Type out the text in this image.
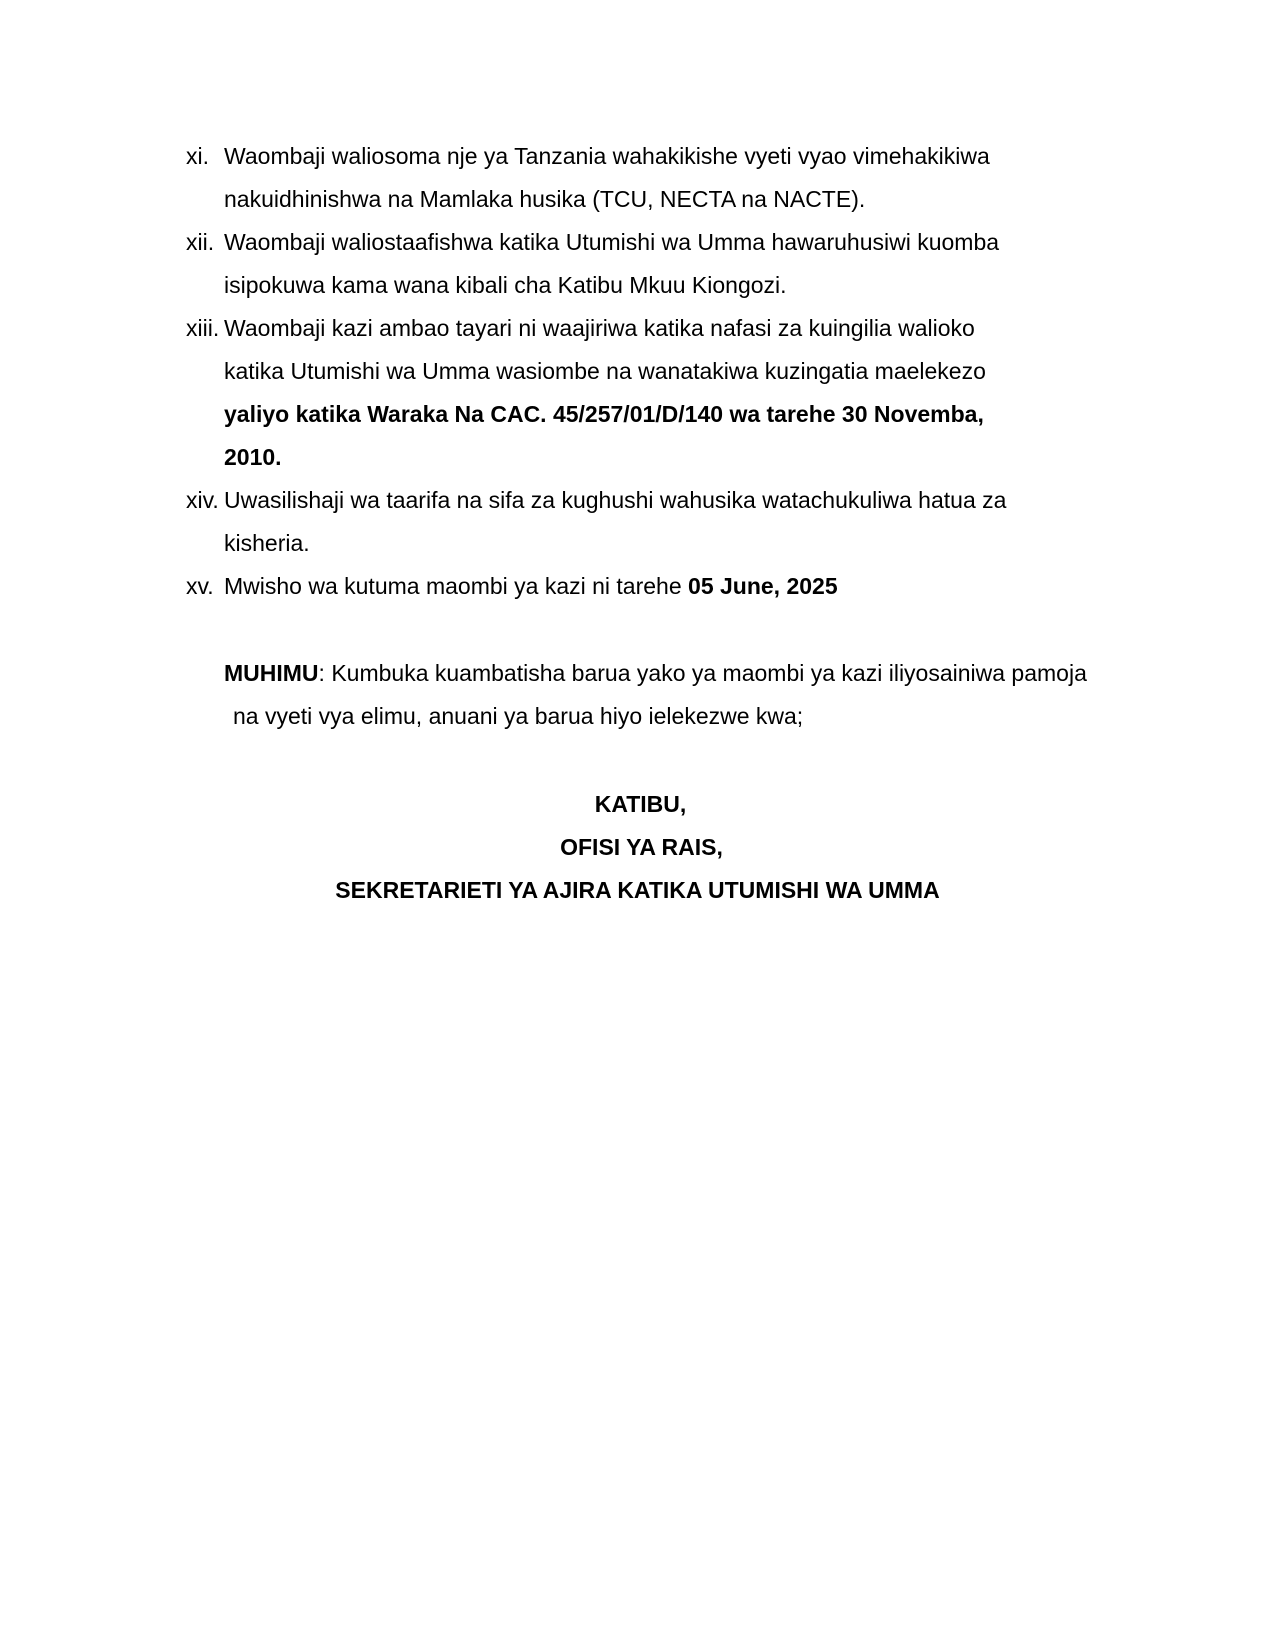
xi. Waombaji waliosoma nje ya Tanzania wahakikishe vyeti vyao vimehakikiwa
nakuidhinishwa na Mamlaka husika (TCU, NECTA na NACTE).
xii. Waombaji waliostaafishwa katika Utumishi wa Umma hawaruhusiwi kuomba
isipokuwa kama wana kibali cha Katibu Mkuu Kiongozi.
xiii. Waombaji kazi ambao tayari ni waajiriwa katika nafasi za kuingilia walioko
katika Utumishi wa Umma wasiombe na wanatakiwa kuzingatia maelekezo
yaliyo katika Waraka Na CAC. 45/257/01/D/140 wa tarehe 30 Novemba,
2010.
xiv. Uwasilishaji wa taarifa na sifa za kughushi wahusika watachukuliwa hatua za
kisheria.
xv. Mwisho wa kutuma maombi ya kazi ni tarehe 05 June, 2025
MUHIMU: Kumbuka kuambatisha barua yako ya maombi ya kazi iliyosainiwa pamoja
na vyeti vya elimu, anuani ya barua hiyo ielekezwe kwa;
KATIBU,
OFISI YA RAIS,
SEKRETARIETI YA AJIRA KATIKA UTUMISHI WA UMMA
